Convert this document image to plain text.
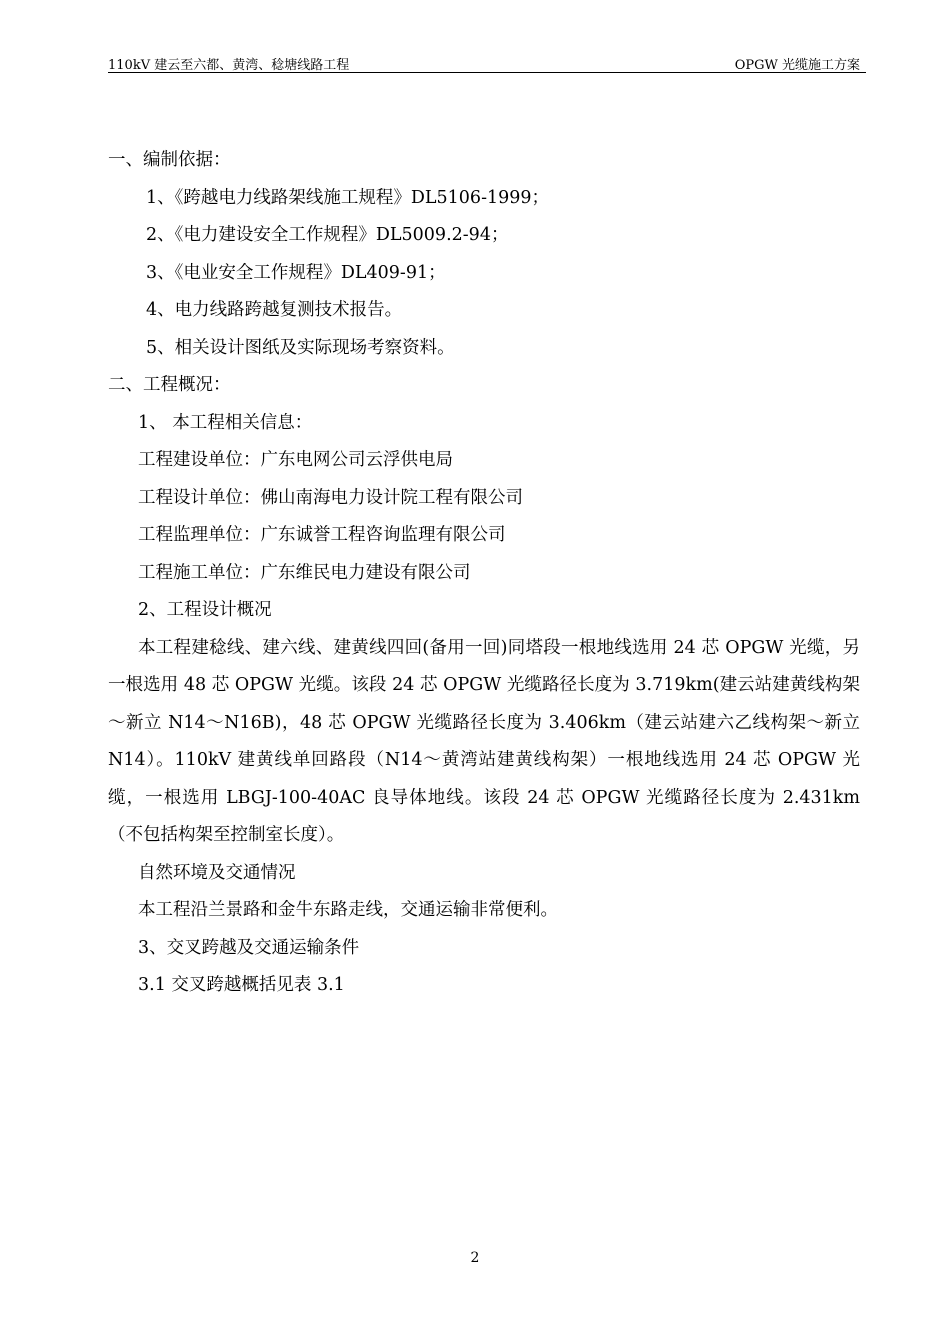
110kV 建云至六都、黄湾、稔塘线路工程	OPGW 光缆施工方案
一、编制依据：
1、《跨越电力线路架线施工规程》DL5106-1999；
2、《电力建设安全工作规程》DL5009.2-94；
3、《电业安全工作规程》DL409-91；
4、电力线路跨越复测技术报告。
5、相关设计图纸及实际现场考察资料。
二、工程概况：
1、 本工程相关信息：
工程建设单位：广东电网公司云浮供电局
工程设计单位：佛山南海电力设计院工程有限公司
工程监理单位：广东诚誉工程咨询监理有限公司
工程施工单位：广东维民电力建设有限公司
2、工程设计概况
本工程建稔线、建六线、建黄线四回(备用一回)同塔段一根地线选用 24 芯 OPGW 光缆，另一根选用 48 芯 OPGW 光缆。该段 24 芯 OPGW 光缆路径长度为 3.719km(建云站建黄线构架～新立 N14～N16B)，48 芯 OPGW 光缆路径长度为 3.406km（建云站建六乙线构架～新立 N14）。110kV 建黄线单回路段（N14～黄湾站建黄线构架）一根地线选用 24 芯 OPGW 光缆，一根选用 LBGJ-100-40AC 良导体地线。该段 24 芯 OPGW 光缆路径长度为 2.431km（不包括构架至控制室长度）。
自然环境及交通情况
本工程沿兰景路和金牛东路走线，交通运输非常便利。
3、交叉跨越及交通运输条件
3.1 交叉跨越概括见表 3.1
2
